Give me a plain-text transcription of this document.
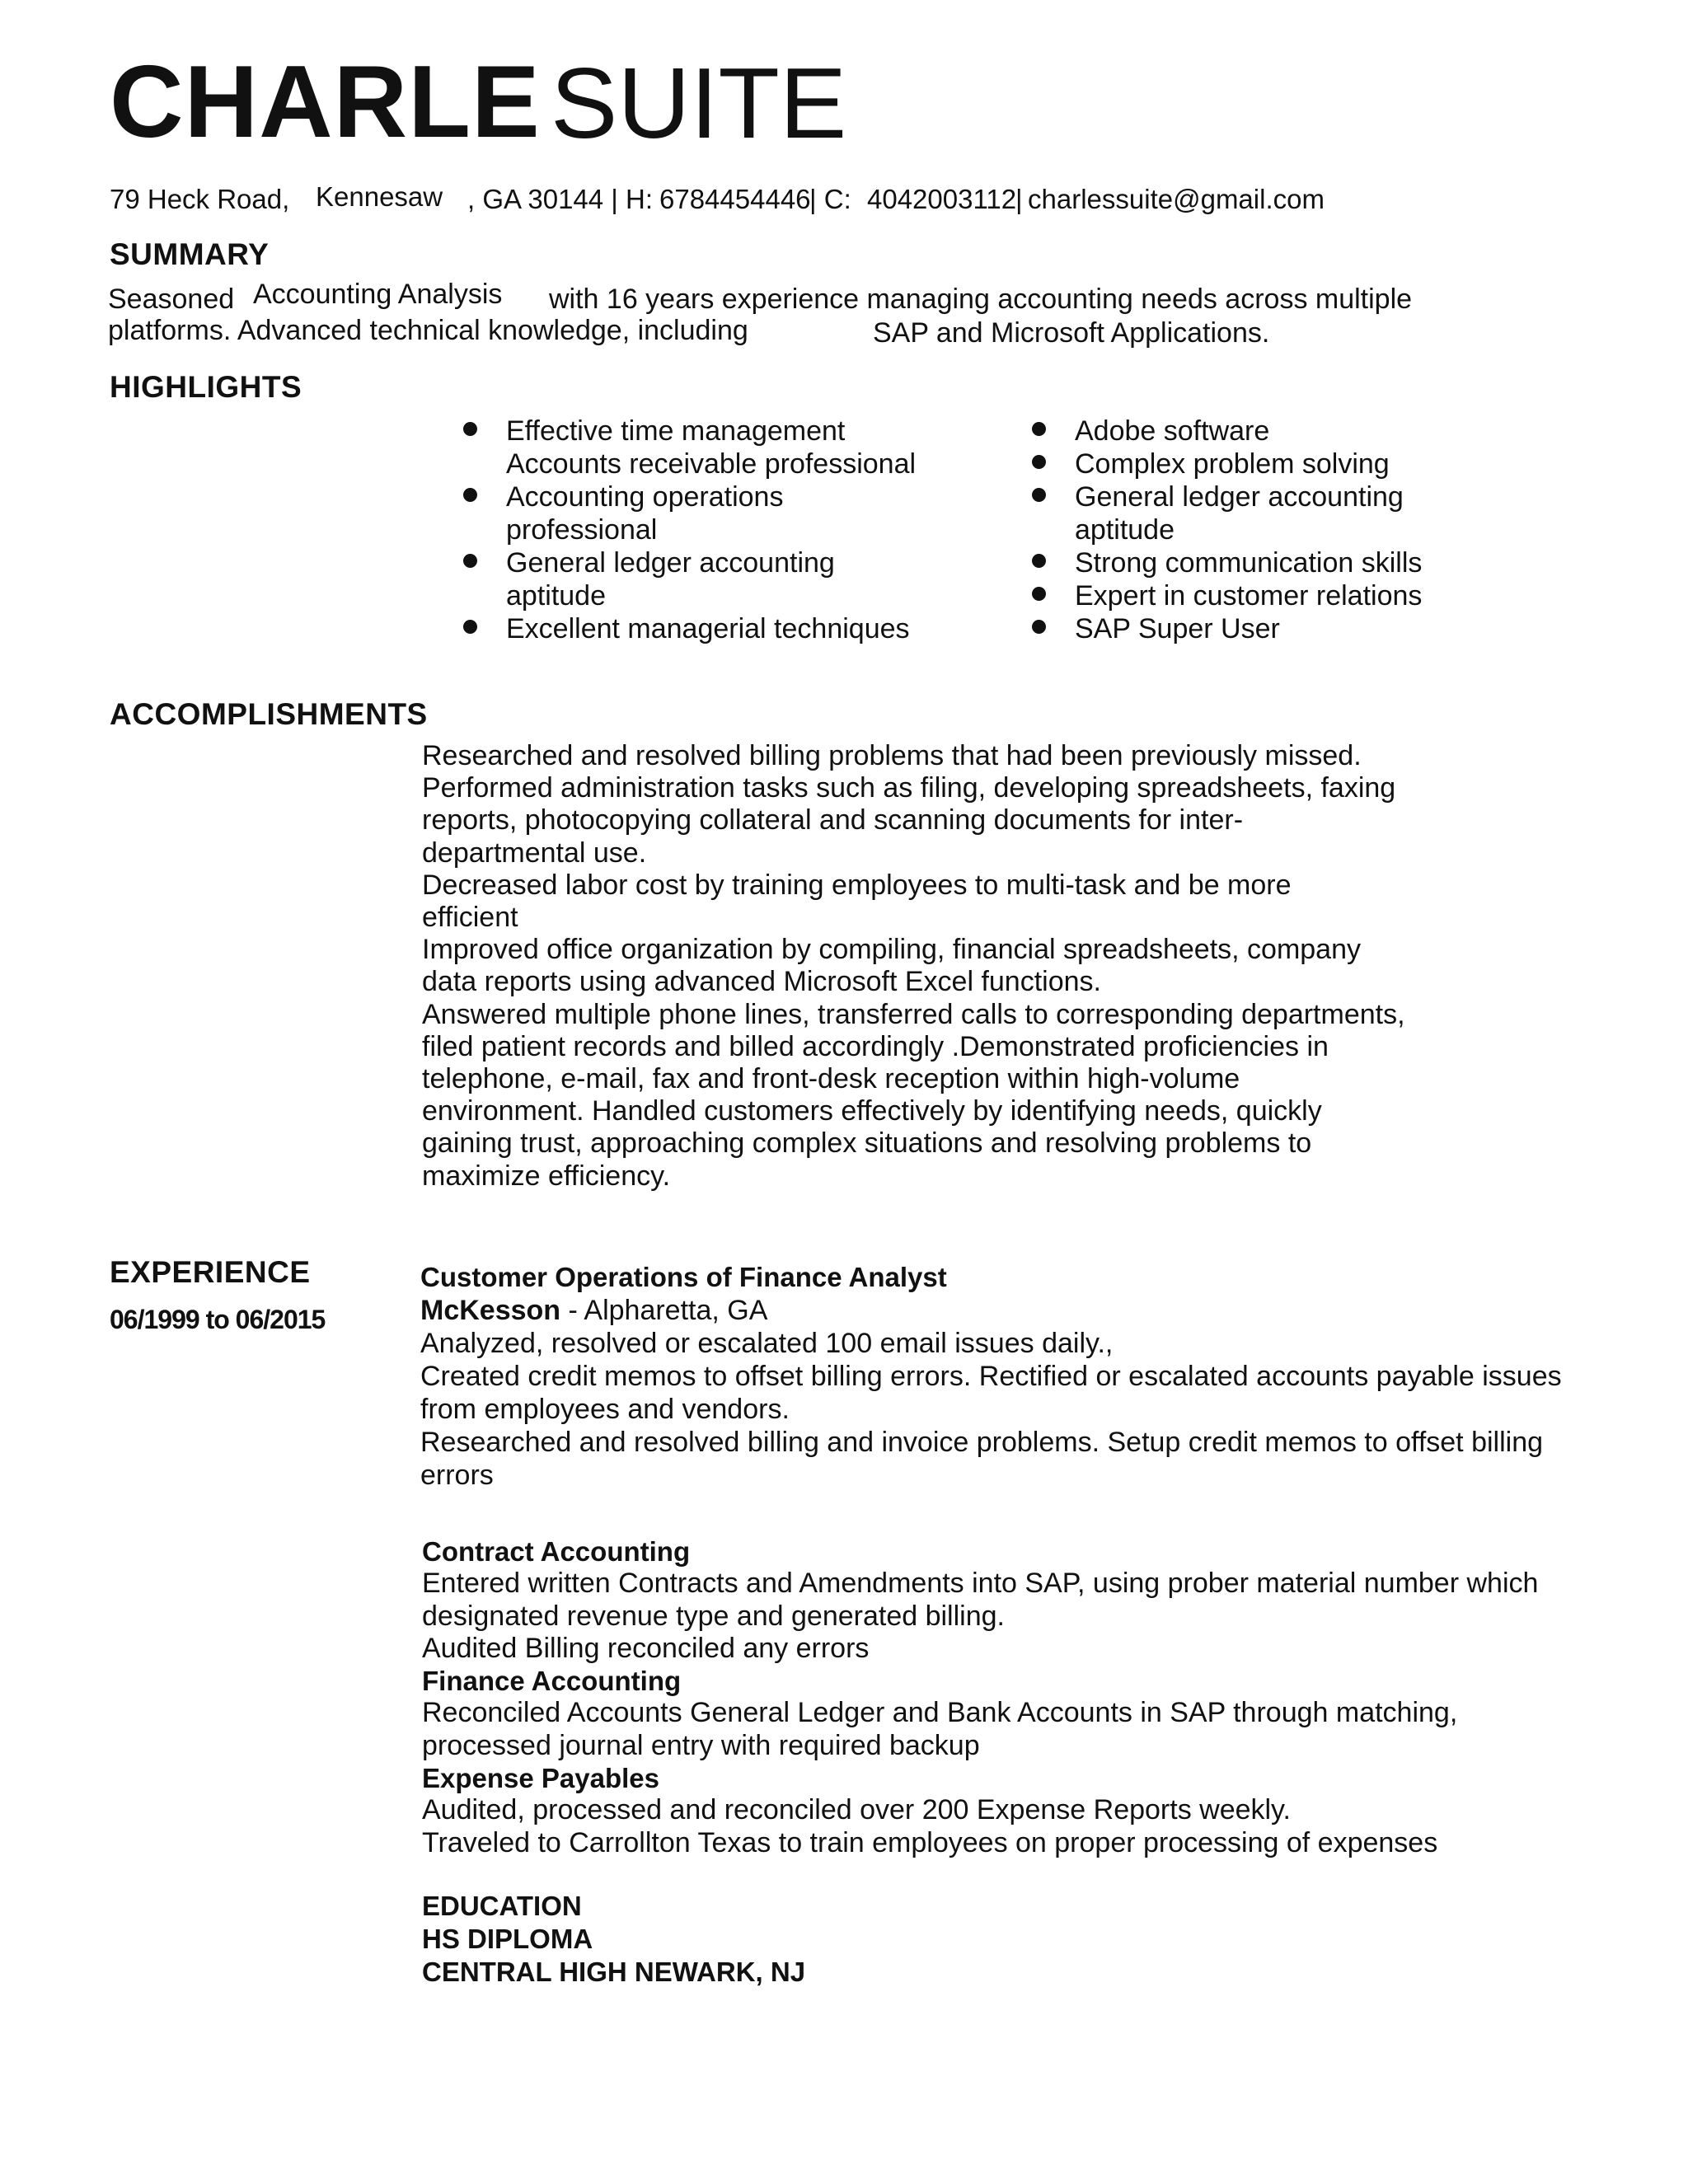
CHARLE SUITE
79 Heck Road, Kennesaw , GA 30144 | H: 6784454446
| C: 4042003112
| charlessuite@gmail.com
SUMMARY
Seasoned Accounting Analysis with 16 years experience managing accounting needs across multiple
platforms. Advanced technical knowledge, including	SAP and Microsoft Applications.
HIGHLIGHTS
Effective time management
Accounts receivable professional
Accounting operations
professional
General ledger accounting
aptitude
Excellent managerial techniques
Adobe software
Complex problem solving
General ledger accounting
aptitude
Strong communication skills
Expert in customer relations
SAP Super User
ACCOMPLISHMENTS
Researched and resolved billing problems that had been previously missed.
Performed administration tasks such as filing, developing spreadsheets, faxing
reports, photocopying collateral and scanning documents for inter-
departmental use.
Decreased labor cost by training employees to multi-task and be more
efficient
Improved office organization by compiling, financial spreadsheets, company
data reports using advanced Microsoft Excel functions.
Answered multiple phone lines, transferred calls to corresponding departments,
filed patient records and billed accordingly .Demonstrated proficiencies in
telephone, e-mail, fax and front-desk reception within high-volume
environment. Handled customers effectively by identifying needs, quickly
gaining trust, approaching complex situations and resolving problems to
maximize efficiency.
EXPERIENCE
06/1999 to 06/2015
Customer Operations of Finance Analyst
McKesson - Alpharetta, GA
Analyzed, resolved or escalated 100 email issues daily.,
Created credit memos to offset billing errors. Rectified or escalated accounts payable issues
from employees and vendors.
Researched and resolved billing and invoice problems. Setup credit memos to offset billing
errors
Contract Accounting
Entered written Contracts and Amendments into SAP, using prober material number which
designated revenue type and generated billing.
Audited Billing reconciled any errors
Finance Accounting
Reconciled Accounts General Ledger and Bank Accounts in SAP through matching,
processed journal entry with required backup
Expense Payables
Audited, processed and reconciled over 200 Expense Reports weekly.
Traveled to Carrollton Texas to train employees on proper processing of expenses
EDUCATION
HS DIPLOMA
CENTRAL HIGH NEWARK, NJ
